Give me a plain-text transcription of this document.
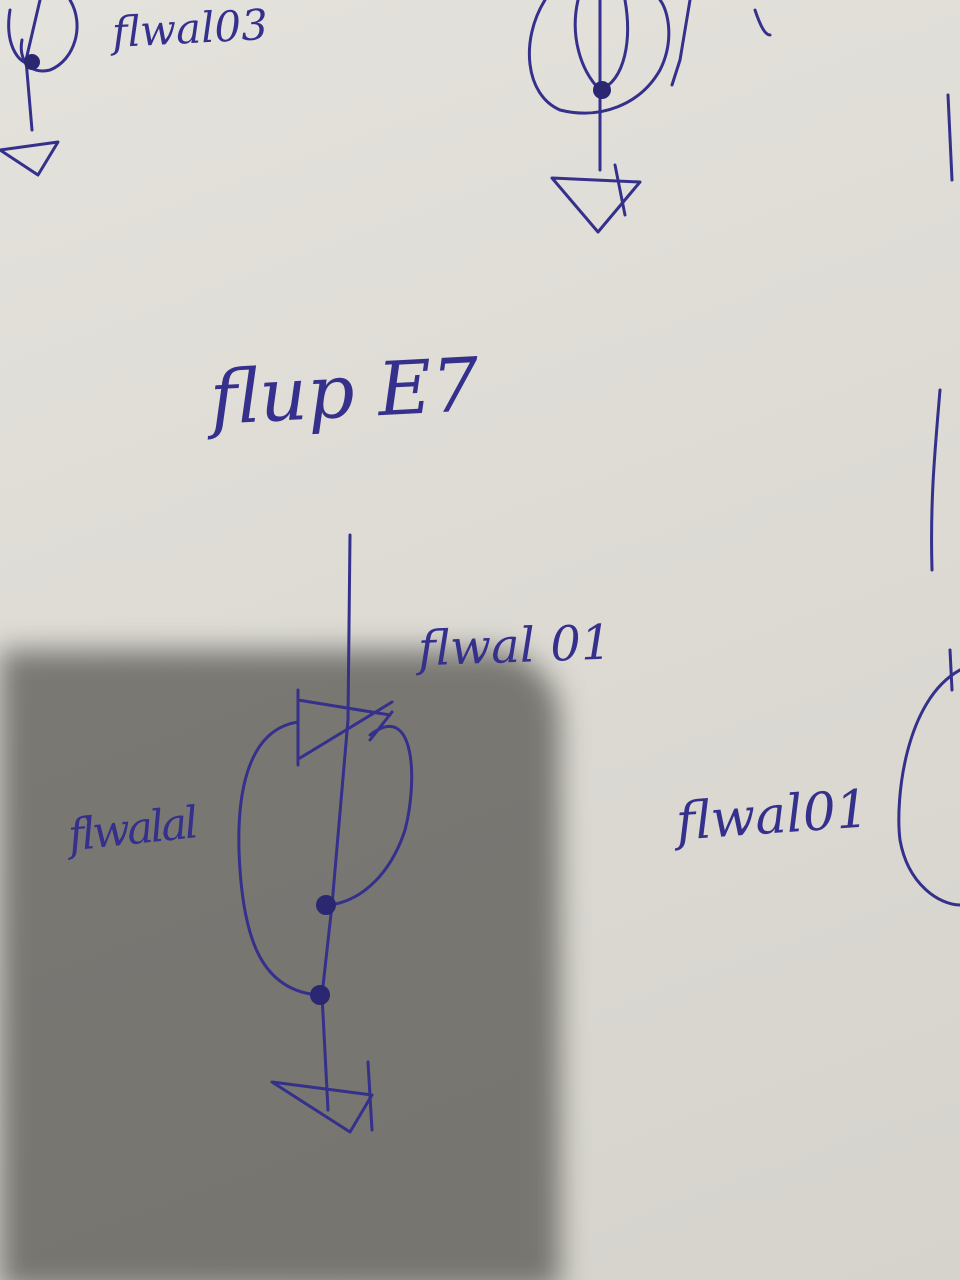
flup E7

flwal 01

flwalal	flwal01

flwal03
